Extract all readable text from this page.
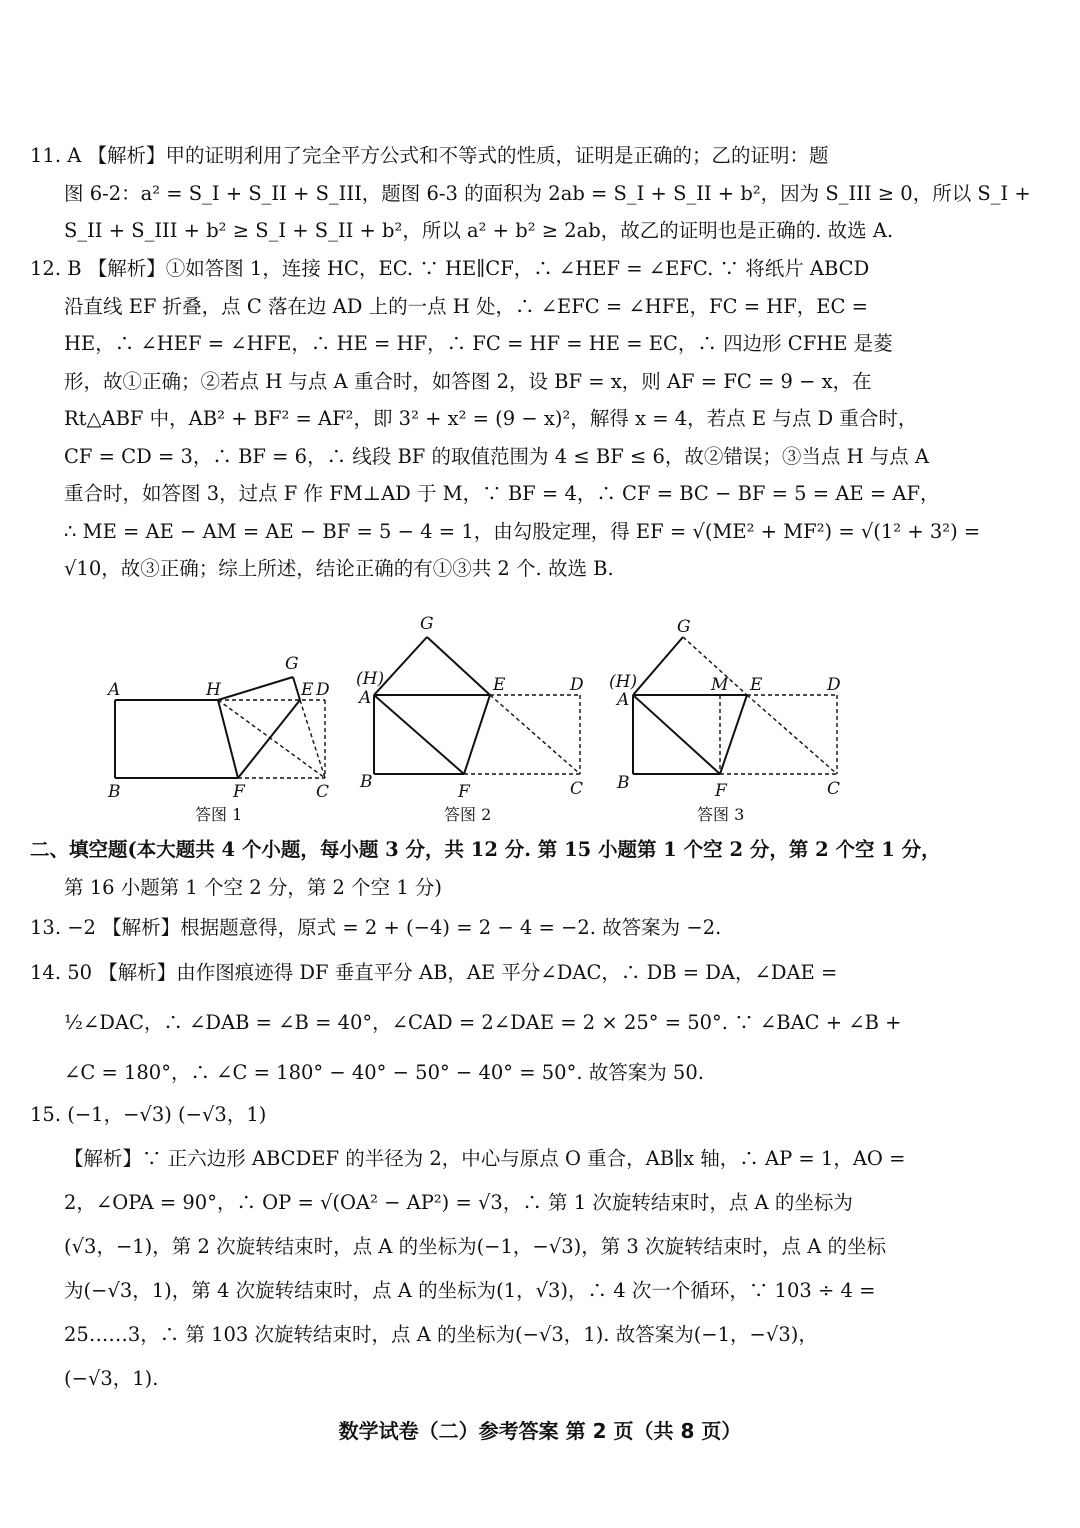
11. A 【解析】甲的证明利用了完全平方公式和不等式的性质，证明是正确的；乙的证明：题
图 6-2：a² = S_I + S_II + S_III，题图 6-3 的面积为 2ab = S_I + S_II + b²，因为 S_III ≥ 0，所以 S_I +
S_II + S_III + b² ≥ S_I + S_II + b²，所以 a² + b² ≥ 2ab，故乙的证明也是正确的. 故选 A.
12. B 【解析】①如答图 1，连接 HC，EC. ∵ HE∥CF，∴ ∠HEF = ∠EFC. ∵ 将纸片 ABCD
沿直线 EF 折叠，点 C 落在边 AD 上的一点 H 处，∴ ∠EFC = ∠HFE，FC = HF，EC =
HE，∴ ∠HEF = ∠HFE，∴ HE = HF，∴ FC = HF = HE = EC，∴ 四边形 CFHE 是菱
形，故①正确；②若点 H 与点 A 重合时，如答图 2，设 BF = x，则 AF = FC = 9 − x，在
Rt△ABF 中，AB² + BF² = AF²，即 3² + x² = (9 − x)²，解得 x = 4，若点 E 与点 D 重合时，
CF = CD = 3，∴ BF = 6，∴ 线段 BF 的取值范围为 4 ≤ BF ≤ 6，故②错误；③当点 H 与点 A
重合时，如答图 3，过点 F 作 FM⊥AD 于 M，∵ BF = 4，∴ CF = BC − BF = 5 = AE = AF，
∴ ME = AE − AM = AE − BF = 5 − 4 = 1，由勾股定理，得 EF = √(ME² + MF²) = √(1² + 3²) =
√10，故③正确；综上所述，结论正确的有①③共 2 个. 故选 B.
A	H
G
E D
B	F	C
答图 1
G
(H)
A
E	D
B	F	C
答图 2
G
(H)
A
M E	D
B	F	C
答图 3
二、填空题(本大题共 4 个小题，每小题 3 分，共 12 分. 第 15 小题第 1 个空 2 分，第 2 个空 1 分，
第 16 小题第 1 个空 2 分，第 2 个空 1 分)
13. −2 【解析】根据题意得，原式 = 2 + (−4) = 2 − 4 = −2. 故答案为 −2.
14. 50 【解析】由作图痕迹得 DF 垂直平分 AB，AE 平分∠DAC，∴ DB = DA，∠DAE =
½∠DAC，∴ ∠DAB = ∠B = 40°，∠CAD = 2∠DAE = 2 × 25° = 50°. ∵ ∠BAC + ∠B +
∠C = 180°，∴ ∠C = 180° − 40° − 50° − 40° = 50°. 故答案为 50.
15. (−1，−√3) (−√3，1)
【解析】∵ 正六边形 ABCDEF 的半径为 2，中心与原点 O 重合，AB∥x 轴，∴ AP = 1，AO =
2，∠OPA = 90°，∴ OP = √(OA² − AP²) = √3，∴ 第 1 次旋转结束时，点 A 的坐标为
(√3，−1)，第 2 次旋转结束时，点 A 的坐标为(−1，−√3)，第 3 次旋转结束时，点 A 的坐标
为(−√3，1)，第 4 次旋转结束时，点 A 的坐标为(1，√3)，∴ 4 次一个循环，∵ 103 ÷ 4 =
25……3，∴ 第 103 次旋转结束时，点 A 的坐标为(−√3，1). 故答案为(−1，−√3)，
(−√3，1).
数学试卷（二）参考答案 第 2 页（共 8 页）
